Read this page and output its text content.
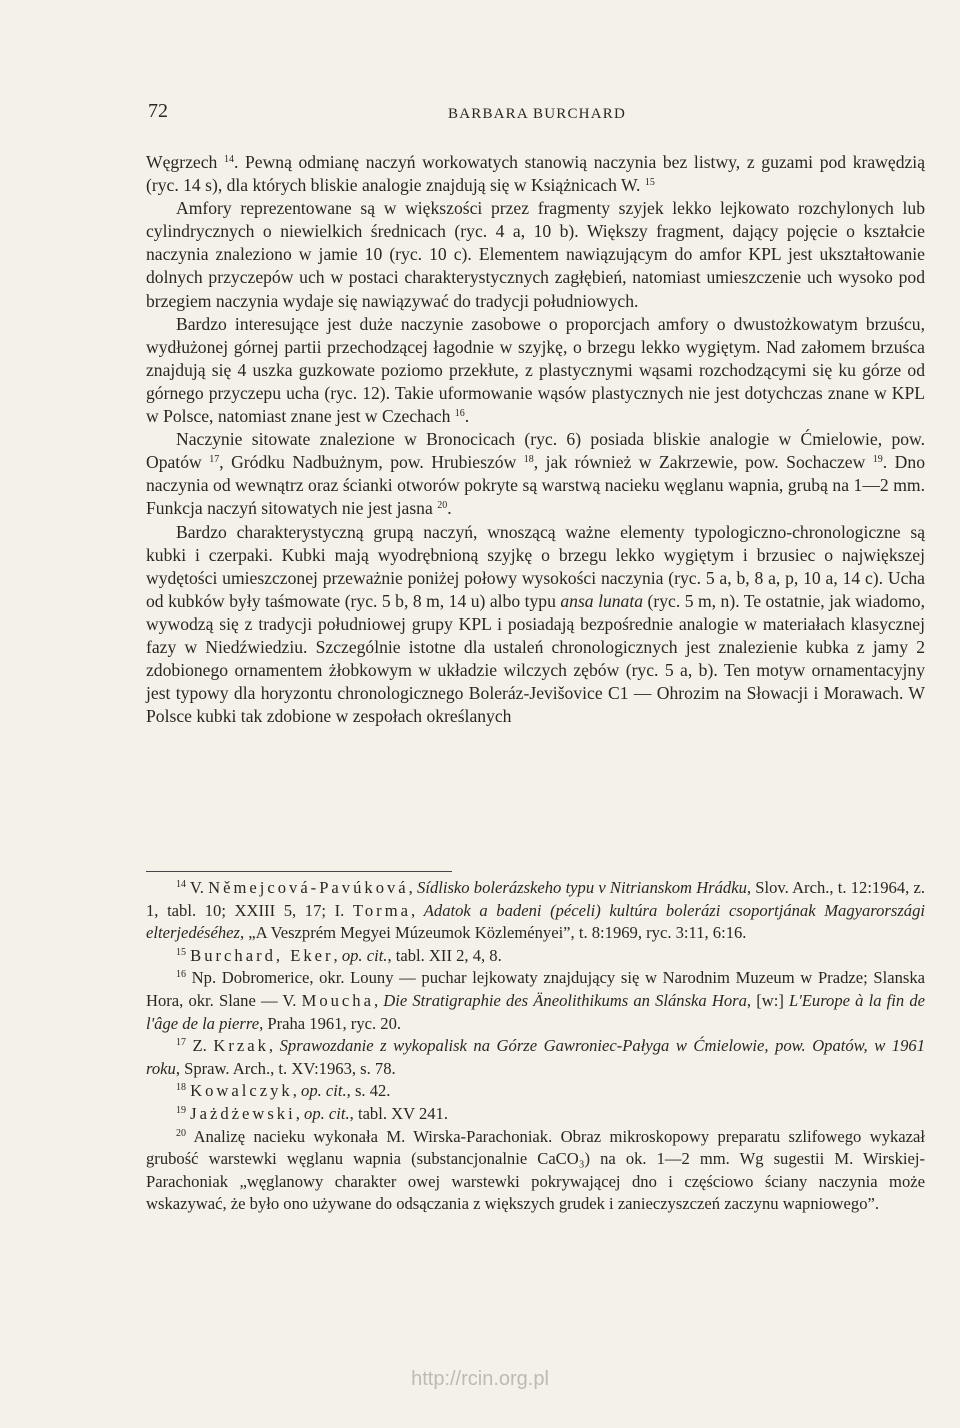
72	BARBARA BURCHARD

Węgrzech $^{14}$. Pewną odmianę naczyń workowatych stanowią naczynia bez listwy, z guzami pod krawędzią (ryc. 14 s), dla których bliskie analogie znajdują się w Książnicach W. $^{15}$

Amfory reprezentowane są w większości przez fragmenty szyjek lekko lejkowato rozchylonych lub cylindrycznych o niewielkich średnicach (ryc. 4 a, 10 b). Większy fragment, dający pojęcie o kształcie naczynia znaleziono w jamie 10 (ryc. 10 c). Elementem nawiązującym do amfor KPL jest ukształtowanie dolnych przyczepów uch w postaci charakterystycznych zagłębień, natomiast umieszczenie uch wysoko pod brzegiem naczynia wydaje się nawiązywać do tradycji południowych.

Bardzo interesujące jest duże naczynie zasobowe o proporcjach amfory o dwustożkowatym brzuścu, wydłużonej górnej partii przechodzącej łagodnie w szyjkę, o brzegu lekko wygiętym. Nad załomem brzuśca znajdują się 4 uszka guzkowate poziomo przekłute, z plastycznymi wąsami rozchodzącymi się ku górze od górnego przyczepu ucha (ryc. 12). Takie uformowanie wąsów plastycznych nie jest dotychczas znane w KPL w Polsce, natomiast znane jest w Czechach $^{16}$.

Naczynie sitowate znalezione w Bronocicach (ryc. 6) posiada bliskie analogie w Ćmielowie, pow. Opatów $^{17}$, Gródku Nadbużnym, pow. Hrubieszów $^{18}$, jak również w Zakrzewie, pow. Sochaczew $^{19}$. Dno naczynia od wewnątrz oraz ścianki otworów pokryte są warstwą nacieku węglanu wapnia, grubą na 1—2 mm. Funkcja naczyń sitowatych nie jest jasna $^{20}$.

Bardzo charakterystyczną grupą naczyń, wnoszącą ważne elementy typologiczno-chronologiczne są kubki i czerpaki. Kubki mają wyodrębnioną szyjkę o brzegu lekko wygiętym i brzusiec o największej wydętości umieszczonej przeważnie poniżej połowy wysokości naczynia (ryc. 5 a, b, 8 a, p, 10 a, 14 c). Ucha od kubków były taśmowate (ryc. 5 b, 8 m, 14 u) albo typu ansa lunata (ryc. 5 m, n). Te ostatnie, jak wiadomo, wywodzą się z tradycji południowej grupy KPL i posiadają bezpośrednie analogie w materiałach klasycznej fazy w Niedźwiedziu. Szczególnie istotne dla ustaleń chronologicznych jest znalezienie kubka z jamy 2 zdobionego ornamentem żłobkowym w układzie wilczych zębów (ryc. 5 a, b). Ten motyw ornamentacyjny jest typowy dla horyzontu chronologicznego Boleráz-Jevišovice C1 — Ohrozim na Słowacji i Morawach. W Polsce kubki tak zdobione w zespołach określanych

$^{14}$ V. Němejcová-Pavúková, Sídlisko bolerázskeho typu v Nitrianskom Hrádku, Slov. Arch., t. 12:1964, z. 1, tabl. 10; XXIII 5, 17; I. Torma, Adatok a badeni (péceli) kultúra bolerázi csoportjának Magyarországi elterjedéséhez, „A Veszprém Megyei Múzeumok Közleményei”, t. 8:1969, ryc. 3:11, 6:16.

$^{15}$ Burchard, Eker, op. cit., tabl. XII 2, 4, 8.

$^{16}$ Np. Dobromerice, okr. Louny — puchar lejkowaty znajdujący się w Narodnim Muzeum w Pradze; Slanska Hora, okr. Slane — V. Moucha, Die Stratigraphie des Äneolithikums an Slánska Hora, [w:] L'Europe à la fin de l'âge de la pierre, Praha 1961, ryc. 20.

$^{17}$ Z. Krzak, Sprawozdanie z wykopalisk na Górze Gawroniec-Pałyga w Ćmielowie, pow. Opatów, w 1961 roku, Spraw. Arch., t. XV:1963, s. 78.

$^{18}$ Kowalczyk, op. cit., s. 42.

$^{19}$ Jażdżewski, op. cit., tabl. XV 241.

$^{20}$ Analizę nacieku wykonała M. Wirska-Parachoniak. Obraz mikroskopowy preparatu szlifowego wykazał grubość warstewki węglanu wapnia (substancjonalnie CaCO₃) na ok. 1—2 mm. Wg sugestii M. Wirskiej-Parachoniak „węglanowy charakter owej warstewki pokrywającej dno i częściowo ściany naczynia może wskazywać, że było ono używane do odsączania z większych grudek i zanieczyszczeń zaczynu wapniowego”.

http://rcin.org.pl
